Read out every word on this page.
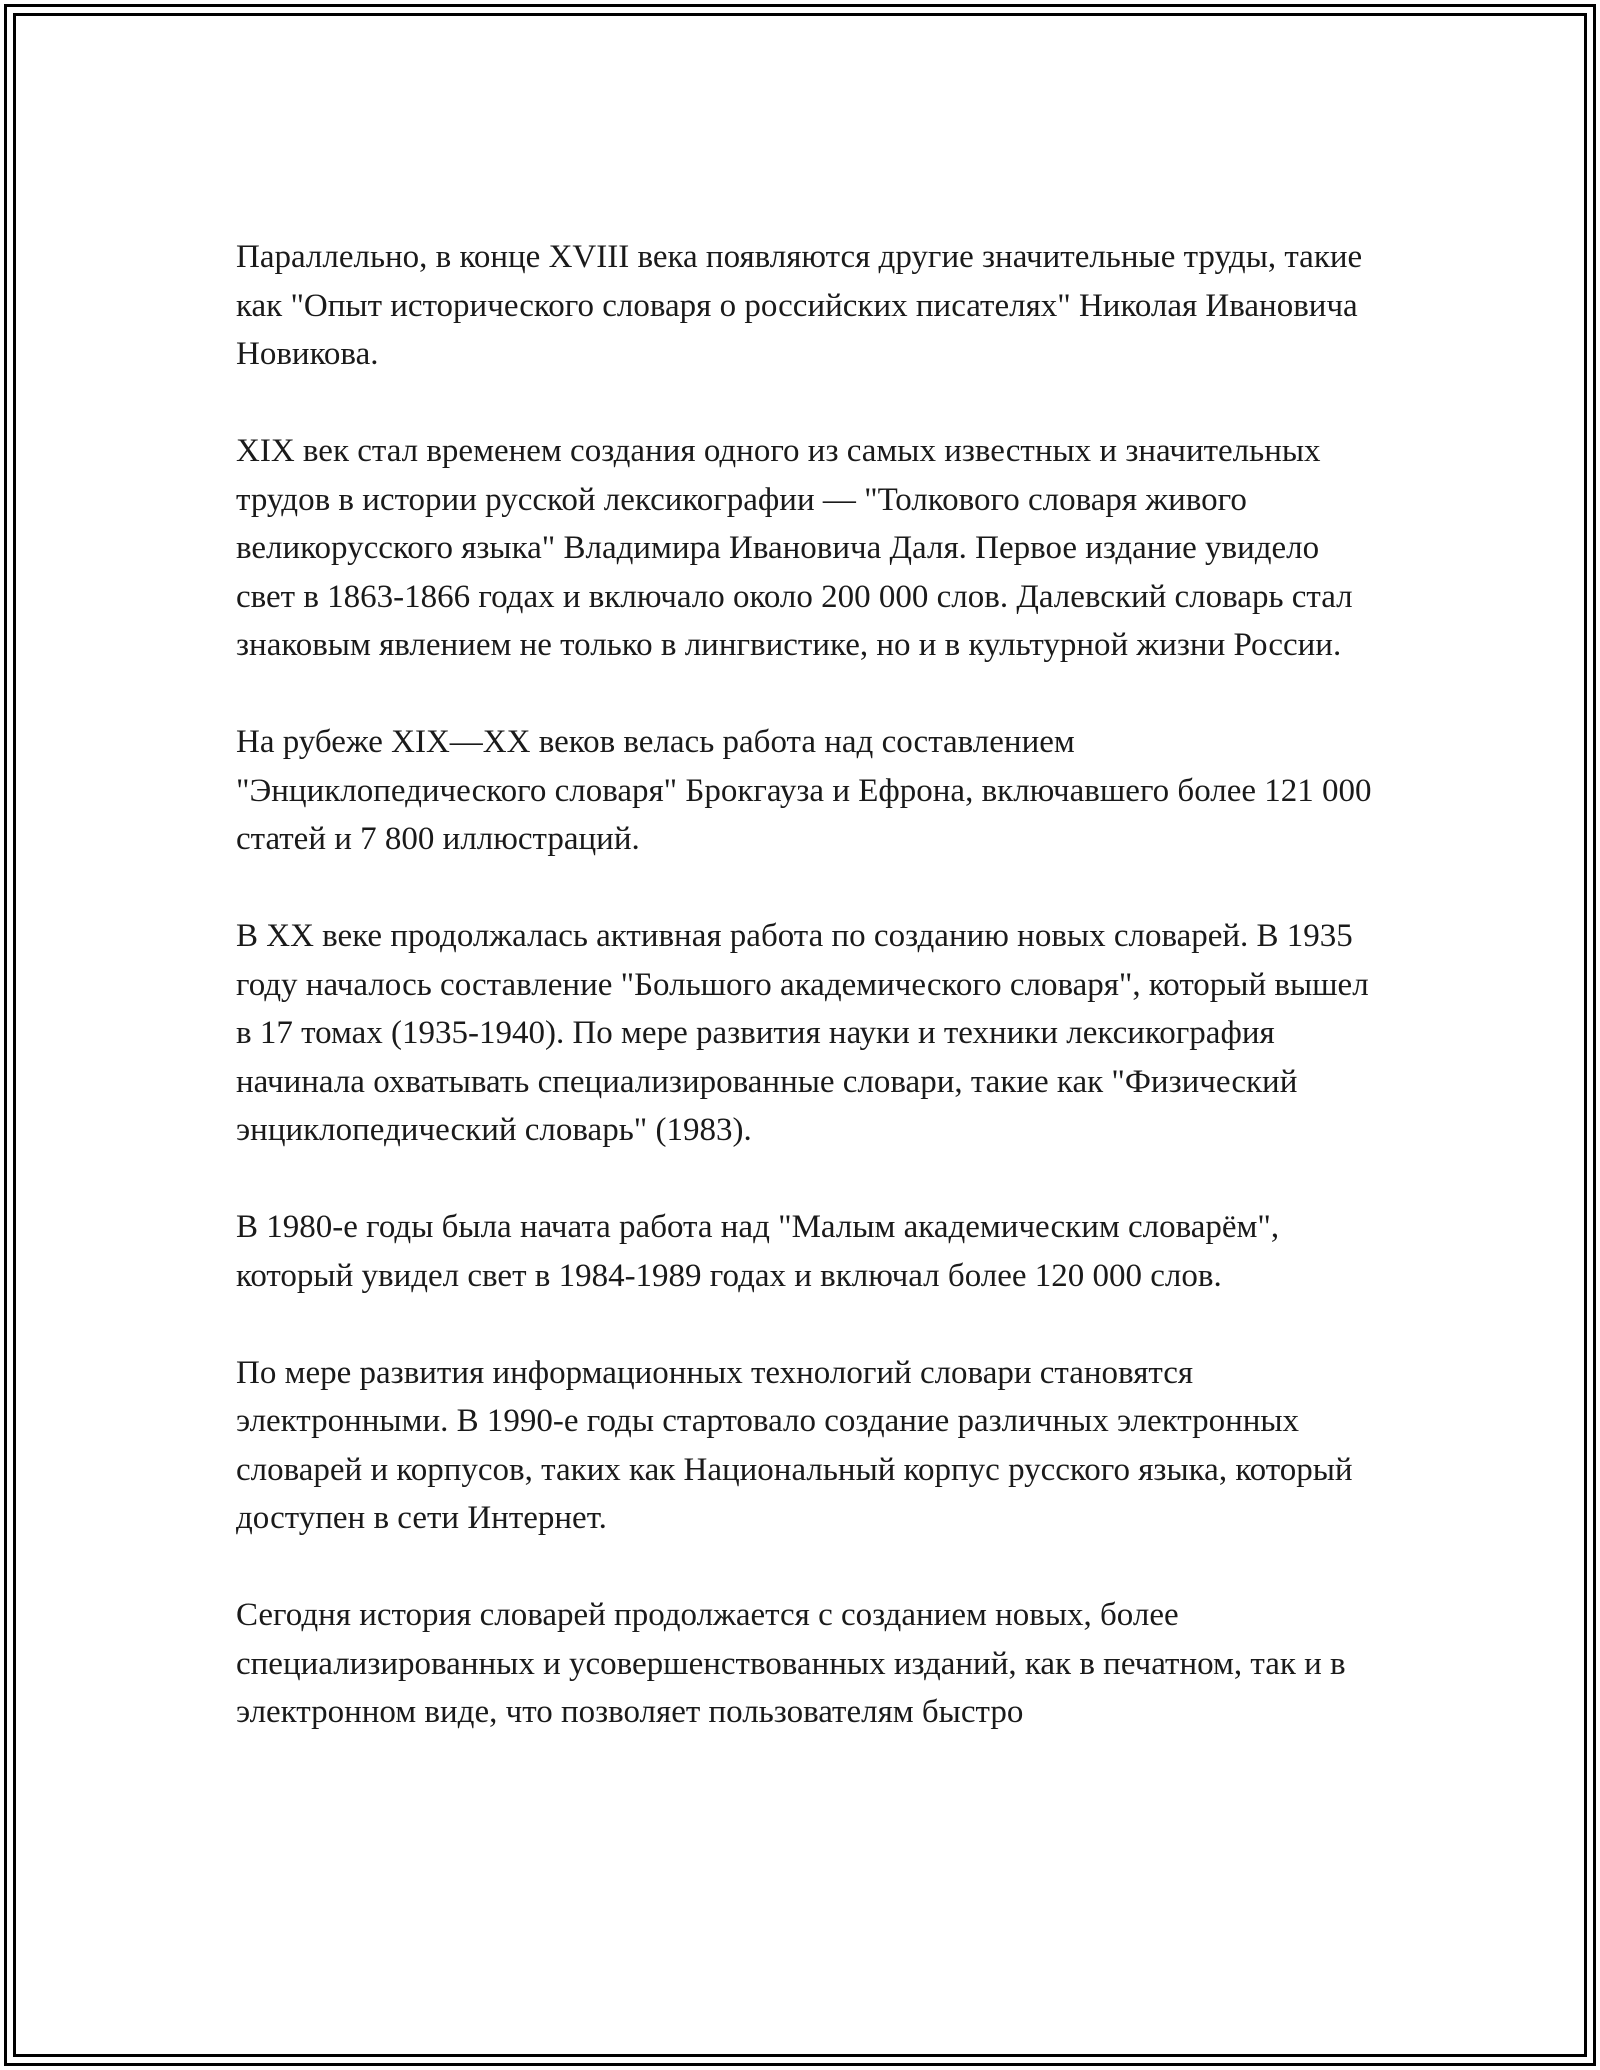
Параллельно, в конце XVIII века появляются другие значительные труды, такие как "Опыт исторического словаря о российских писателях" Николая Ивановича Новикова.

XIX век стал временем создания одного из самых известных и значительных трудов в истории русской лексикографии — "Толкового словаря живого великорусского языка" Владимира Ивановича Даля. Первое издание увидело свет в 1863-1866 годах и включало около 200 000 слов. Далевский словарь стал знаковым явлением не только в лингвистике, но и в культурной жизни России.

На рубеже XIX—XX веков велась работа над составлением "Энциклопедического словаря" Брокгауза и Ефрона, включавшего более 121 000 статей и 7 800 иллюстраций.

В XX веке продолжалась активная работа по созданию новых словарей. В 1935 году началось составление "Большого академического словаря", который вышел в 17 томах (1935-1940). По мере развития науки и техники лексикография начинала охватывать специализированные словари, такие как "Физический энциклопедический словарь" (1983).

В 1980-е годы была начата работа над "Малым академическим словарём", который увидел свет в 1984-1989 годах и включал более 120 000 слов.

По мере развития информационных технологий словари становятся электронными. В 1990-е годы стартовало создание различных электронных словарей и корпусов, таких как Национальный корпус русского языка, который доступен в сети Интернет.

Сегодня история словарей продолжается с созданием новых, более специализированных и усовершенствованных изданий, как в печатном, так и в электронном виде, что позволяет пользователям быстро
